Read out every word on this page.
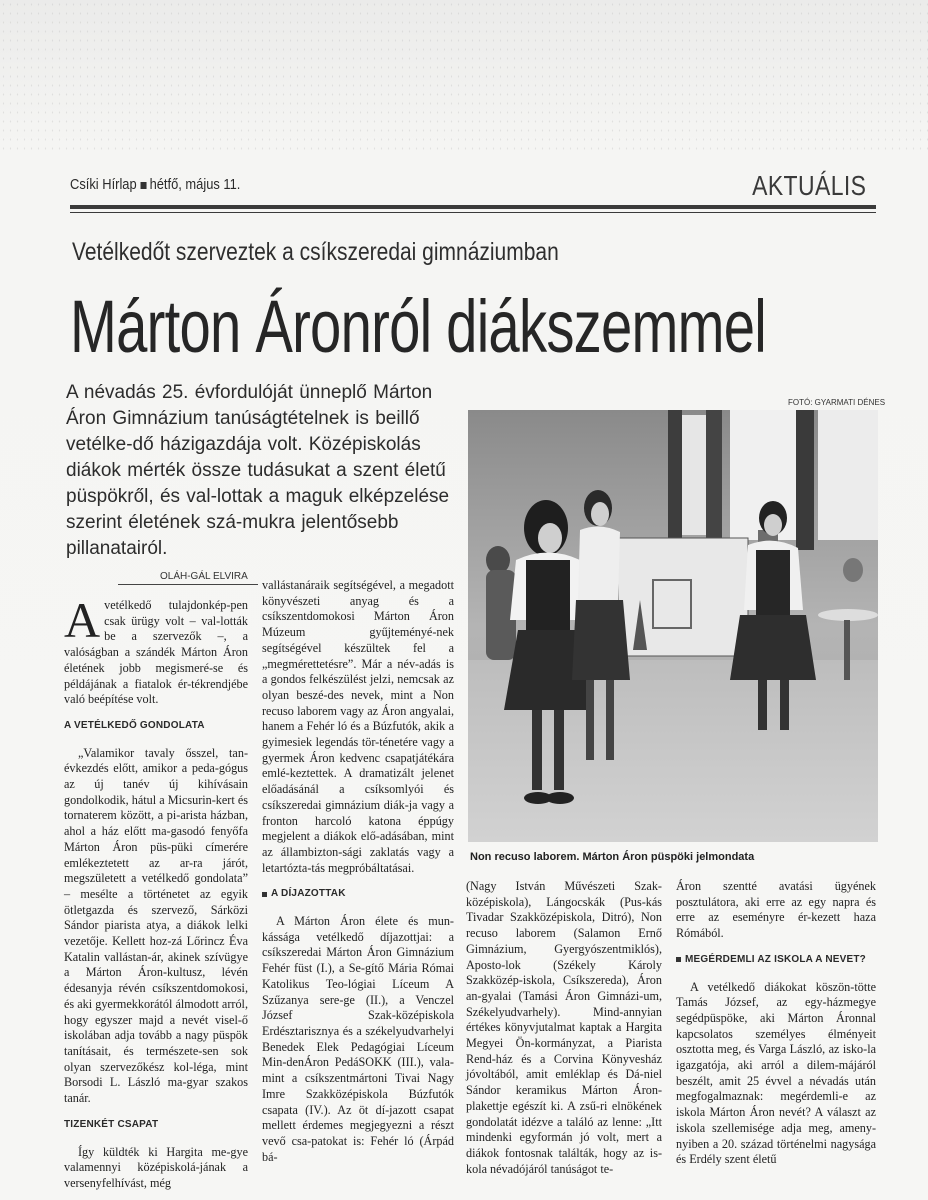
Csíki Hírlap hétfő, május 11.	AKTUÁLIS
Vetélkedőt szerveztek a csíkszeredai gimnáziumban
Márton Áronról diákszemmel
A névadás 25. évfordulóját ünneplő Márton Áron Gimnázium tanúságtételnek is beillő vetélke-dő házigazdája volt. Középiskolás diákok mérték össze tudásukat a szent életű püspökről, és val-lottak a maguk elképzelése szerint életének szá-mukra jelentősebb pillanatairól.
FOTÓ: GYARMATI DÉNES
Non recuso laborem. Márton Áron püspöki jelmondata
OLÁH-GÁL ELVIRA

A vetélkedő tulajdonkép-pen csak ürügy volt – val-lották be a szervezők –, a valóságban a szándék Márton Áron életének jobb megismeré-se és példájának a fiatalok ér-tékrendjébe való beépítése volt.

A VETÉLKEDŐ GONDOLATA

„Valamikor tavaly ősszel, tan-évkezdés előtt, amikor a peda-gógus az új tanév új kihívásain gondolkodik, hátul a Micsurin-kert és tornaterem között, a pi-arista házban, ahol a ház előtt ma-gasodó fenyőfa Márton Áron püs-püki címerére emlékeztetett az ar-ra járót, megszületett a vetélkedő gondolata” – mesélte a történetet az egyik ötletgazda és szervező, Sárközi Sándor piarista atya, a diákok lelki vezetője. Kellett hoz-zá Lőrincz Éva Katalin vallástan-ár, akinek szívügye a Márton Áron-kultusz, lévén édesanyja révén csíkszentdomokosi, és aki gyermekkorától álmodott arról, hogy egyszer majd a nevét visel-ő iskolában adja tovább a nagy püspök tanításait, és természete-sen sok olyan szervezőkész kol-léga, mint Borsodi L. László ma-gyar szakos tanár.

TIZENKÉT CSAPAT

Így küldték ki Hargita me-gye valamennyi középiskolá-jának a versenyfelhívást, még

vallástanáraik segítségével, a megadott könyvészeti anyag és a csíkszentdomokosi Márton Áron Múzeum gyűjteményé-nek segítségével készültek fel a „megmérettetésre”. Már a név-adás is a gondos felkészülést jelzi, nemcsak az olyan beszé-des nevek, mint a Non recuso laborem vagy az Áron angyalai, hanem a Fehér ló és a Búzfutók, akik a gyimesiek legendás tör-ténetére vagy a gyermek Áron kedvenc csapatjátékára emlé-keztettek. A dramatizált jelenet előadásánál a csíksomlyói és csíkszeredai gimnázium diák-ja vagy a fronton harcoló katona éppúgy megjelent a diákok elő-adásában, mint az állambizton-sági zaklatás vagy a letartózta-tás megpróbáltatásai.

A DÍJAZOTTAK

A Márton Áron élete és mun-kássága vetélkedő díjazottjai: a csíkszeredai Márton Áron Gimnázium Fehér füst (I.), a Se-gítő Mária Római Katolikus Teo-lógiai Líceum A Szűzanya sere-ge (II.), a Venczel József Szak-középiskola Erdésztarisznya és a székelyudvarhelyi Benedek Elek Pedagógiai Líceum Min-denÁron PedáSOKK (III.), vala-mint a csíkszentmártoni Tivai Nagy Imre Szakközépiskola Búzfutók csapata (IV.). Az öt dí-jazott csapat mellett érdemes megjegyezni a részt vevő csa-patokat is: Fehér ló (Árpád bá-

(Nagy István Művészeti Szak-középiskola), Lángocskák (Pus-kás Tivadar Szakközépiskola, Ditró), Non recuso laborem (Salamon Ernő Gimnázium, Gyergyószentmiklós), Aposto-lok (Székely Károly Szakközép-iskola, Csíkszereda), Áron an-gyalai (Tamási Áron Gimnázi-um, Székelyudvarhely). Mind-annyian értékes könyvjutalmat kaptak a Hargita Megyei Ön-kormányzat, a Piarista Rend-ház és a Corvina Könyvesház jóvoltából, amit emléklap és Dá-niel Sándor keramikus Márton Áron-plakettje egészít ki. A zsű-ri elnökének gondolatát idézve a találó az lenne: „Itt mindenki egyformán jó volt, mert a diákok fontosnak találták, hogy az is-kola névadójáról tanúságot te-

Áron szentté avatási ügyének posztulátora, aki erre az egy napra és erre az eseményre ér-kezett haza Rómából.

MEGÉRDEMLI AZ ISKOLA A NEVET?

A vetélkedő diákokat köszön-tötte Tamás József, az egy-házmegye segédpüspöke, aki Márton Áronnal kapcsolatos személyes élményeit osztotta meg, és Varga László, az isko-la igazgatója, aki arról a dilem-májáról beszélt, amit 25 évvel a névadás után megfogalmaznak: megérdemli-e az iskola Márton Áron nevét? A választ az iskola szellemisége adja meg, ameny-nyiben a 20. század történelmi nagysága és Erdély szent életű
